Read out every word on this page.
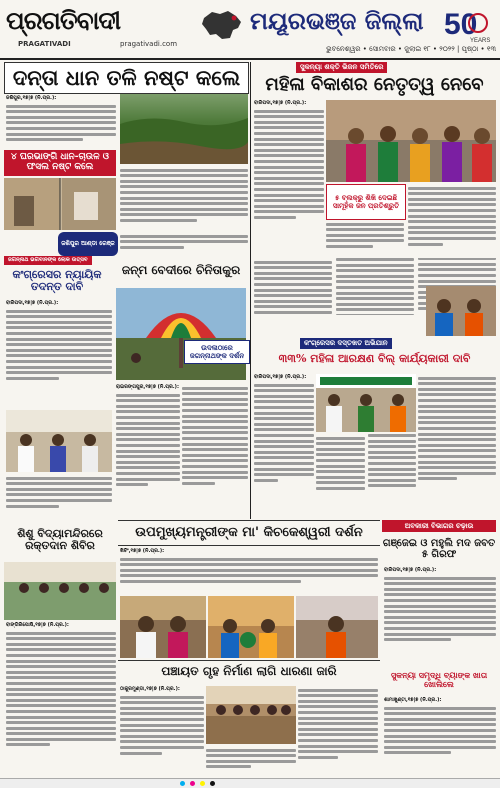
ପ୍ରଗତିବାଦୀ
PRAGATIVADI	pragativadi.com
ମୟୂରଭଞ୍ଜ ଜିଲ୍ଲା 50
YEARS
ଭୁବନେଶ୍ୱର • ସୋମବାର • ଜୁଲାଇ ୧୮ • ୨୦୨୨ | ପୃଷ୍ଠା • ୧୩
ଦନ୍ତା ଧାନ ତଳି ନଷ୍ଟ କଲେ
ଜଶିପୁର,୧୭|୭ (ନି.ପ୍ର.):
୪ ଘରଭାଙ୍ଗି ଧାନ-ଚାଉଳ ଓ ଫସଲ ନଷ୍ଟ କଲେ
ଜଶିପୁର ଆଣ୍ଡା ରେଞ୍ଜ
ସୁକନ୍ୟା ଶକ୍ତି ଭିଜନ ସମିତିରେ
ମହିଳା ବିକାଶର ନେତୃତ୍ୱ ନେବେ
ବାରିପଦା,୧୭|୭ (ନି.ପ୍ର.):
୫ ବ୍ଲକ୍‌ରୁ ଶିଖି ଦେଇଛି ସାମୂହିକ ଜନ ପ୍ରତିଶ୍ରୁତି
ଜଗନ୍ନାଥ ଭଗବାନଙ୍କ ଲୋକ ଉତ୍ସବ
କଂଗ୍ରେସର ନ୍ୟାୟିକ ତଦନ୍ତ ଦାବି
ବାରିପଦା,୧୭|୭ (ନି.ପ୍ର.):
ଜନ୍ମ ବେଦୀରେ ଚିନିତାକୁର
ରାଇରଙ୍ଗପୁର,୧୭|୭ (ନି.ପ୍ର.):
ଉଦଳାଠାରେ ଜଗନ୍ନାଥଙ୍କ ଦର୍ଶନ
କଂଗ୍ରେସର ଦସ୍ତଖତ ଅଭିଯାନ
୩୩% ମହିଳା ଆରକ୍ଷଣ ବିଲ୍ କାର୍ଯ୍ୟକାରୀ ଦାବି
ବାରିପଦା,୧୭|୭ (ନି.ପ୍ର.):
ଶିଶୁ ବିଦ୍ୟାମନ୍ଦିରରେ ରକ୍ତଦାନ ଶିବିର
ବାଙ୍ଗିରିପୋଷି,୧୭|୭ (ନି.ପ୍ର.):
ଉପମୁଖ୍ୟମନ୍ତ୍ରୀଙ୍କ ମା' କିଚକେଶ୍ୱରୀ ଦର୍ଶନ
ଖିଚିଂ,୧୭|୭ (ନି.ପ୍ର.):
ଅବକାରୀ ବିଭାଗର ଚଢ଼ାଉ
ଗଞ୍ଜେଇ ଓ ମହୁଲି ମଦ ଜବତ ୫ ଗିରଫ
ବାରିପଦା,୧୭|୭ (ନି.ପ୍ର.):
ପଞ୍ଚାୟତ ଗୃହ ନିର୍ମାଣ ଲାଗି ଧାରଣା ଜାରି
ଠାକୁରମୁଣ୍ଡା,୧୭|୭ (ନି.ପ୍ର.):
ସୁକନ୍ୟା ସମୃଦ୍ଧି ବ୍ୟାଙ୍କ ଖାତା ଖୋଲିଲେ
ଶାମାଖୁଣ୍ଟା,୧୭|୭ (ନି.ପ୍ର.):
